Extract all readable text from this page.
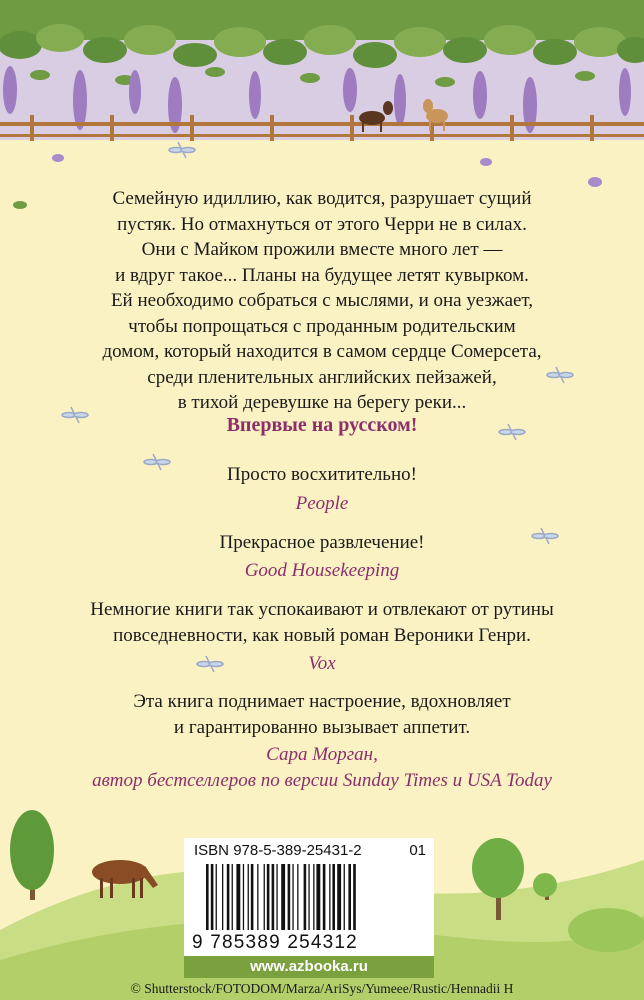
Семейную идиллию, как водится, разрушает сущий
пустяк. Но отмахнуться от этого Черри не в силах.
Они с Майком прожили вместе много лет —
и вдруг такое... Планы на будущее летят кувырком.
Ей необходимо собраться с мыслями, и она уезжает,
чтобы попрощаться с проданным родительским
домом, который находится в самом сердце Сомерсета,
среди пленительных английских пейзажей,
в тихой деревушке на берегу реки...
Впервые на русском!
Просто восхитительно!
People
Прекрасное развлечение!
Good Housekeeping
Немногие книги так успокаивают и отвлекают от рутины
повседневности, как новый роман Вероники Генри.
Vox
Эта книга поднимает настроение, вдохновляет
и гарантированно вызывает аппетит.
Сара Морган,
автор бестселлеров по версии Sunday Times и USA Today
ISBN 978-5-389-25431-2	01
9 785389 254312
www.azbooka.ru
© Shutterstock/FOTODOM/Marza/AriSys/Yumeee/Rustic/Hennadii H
